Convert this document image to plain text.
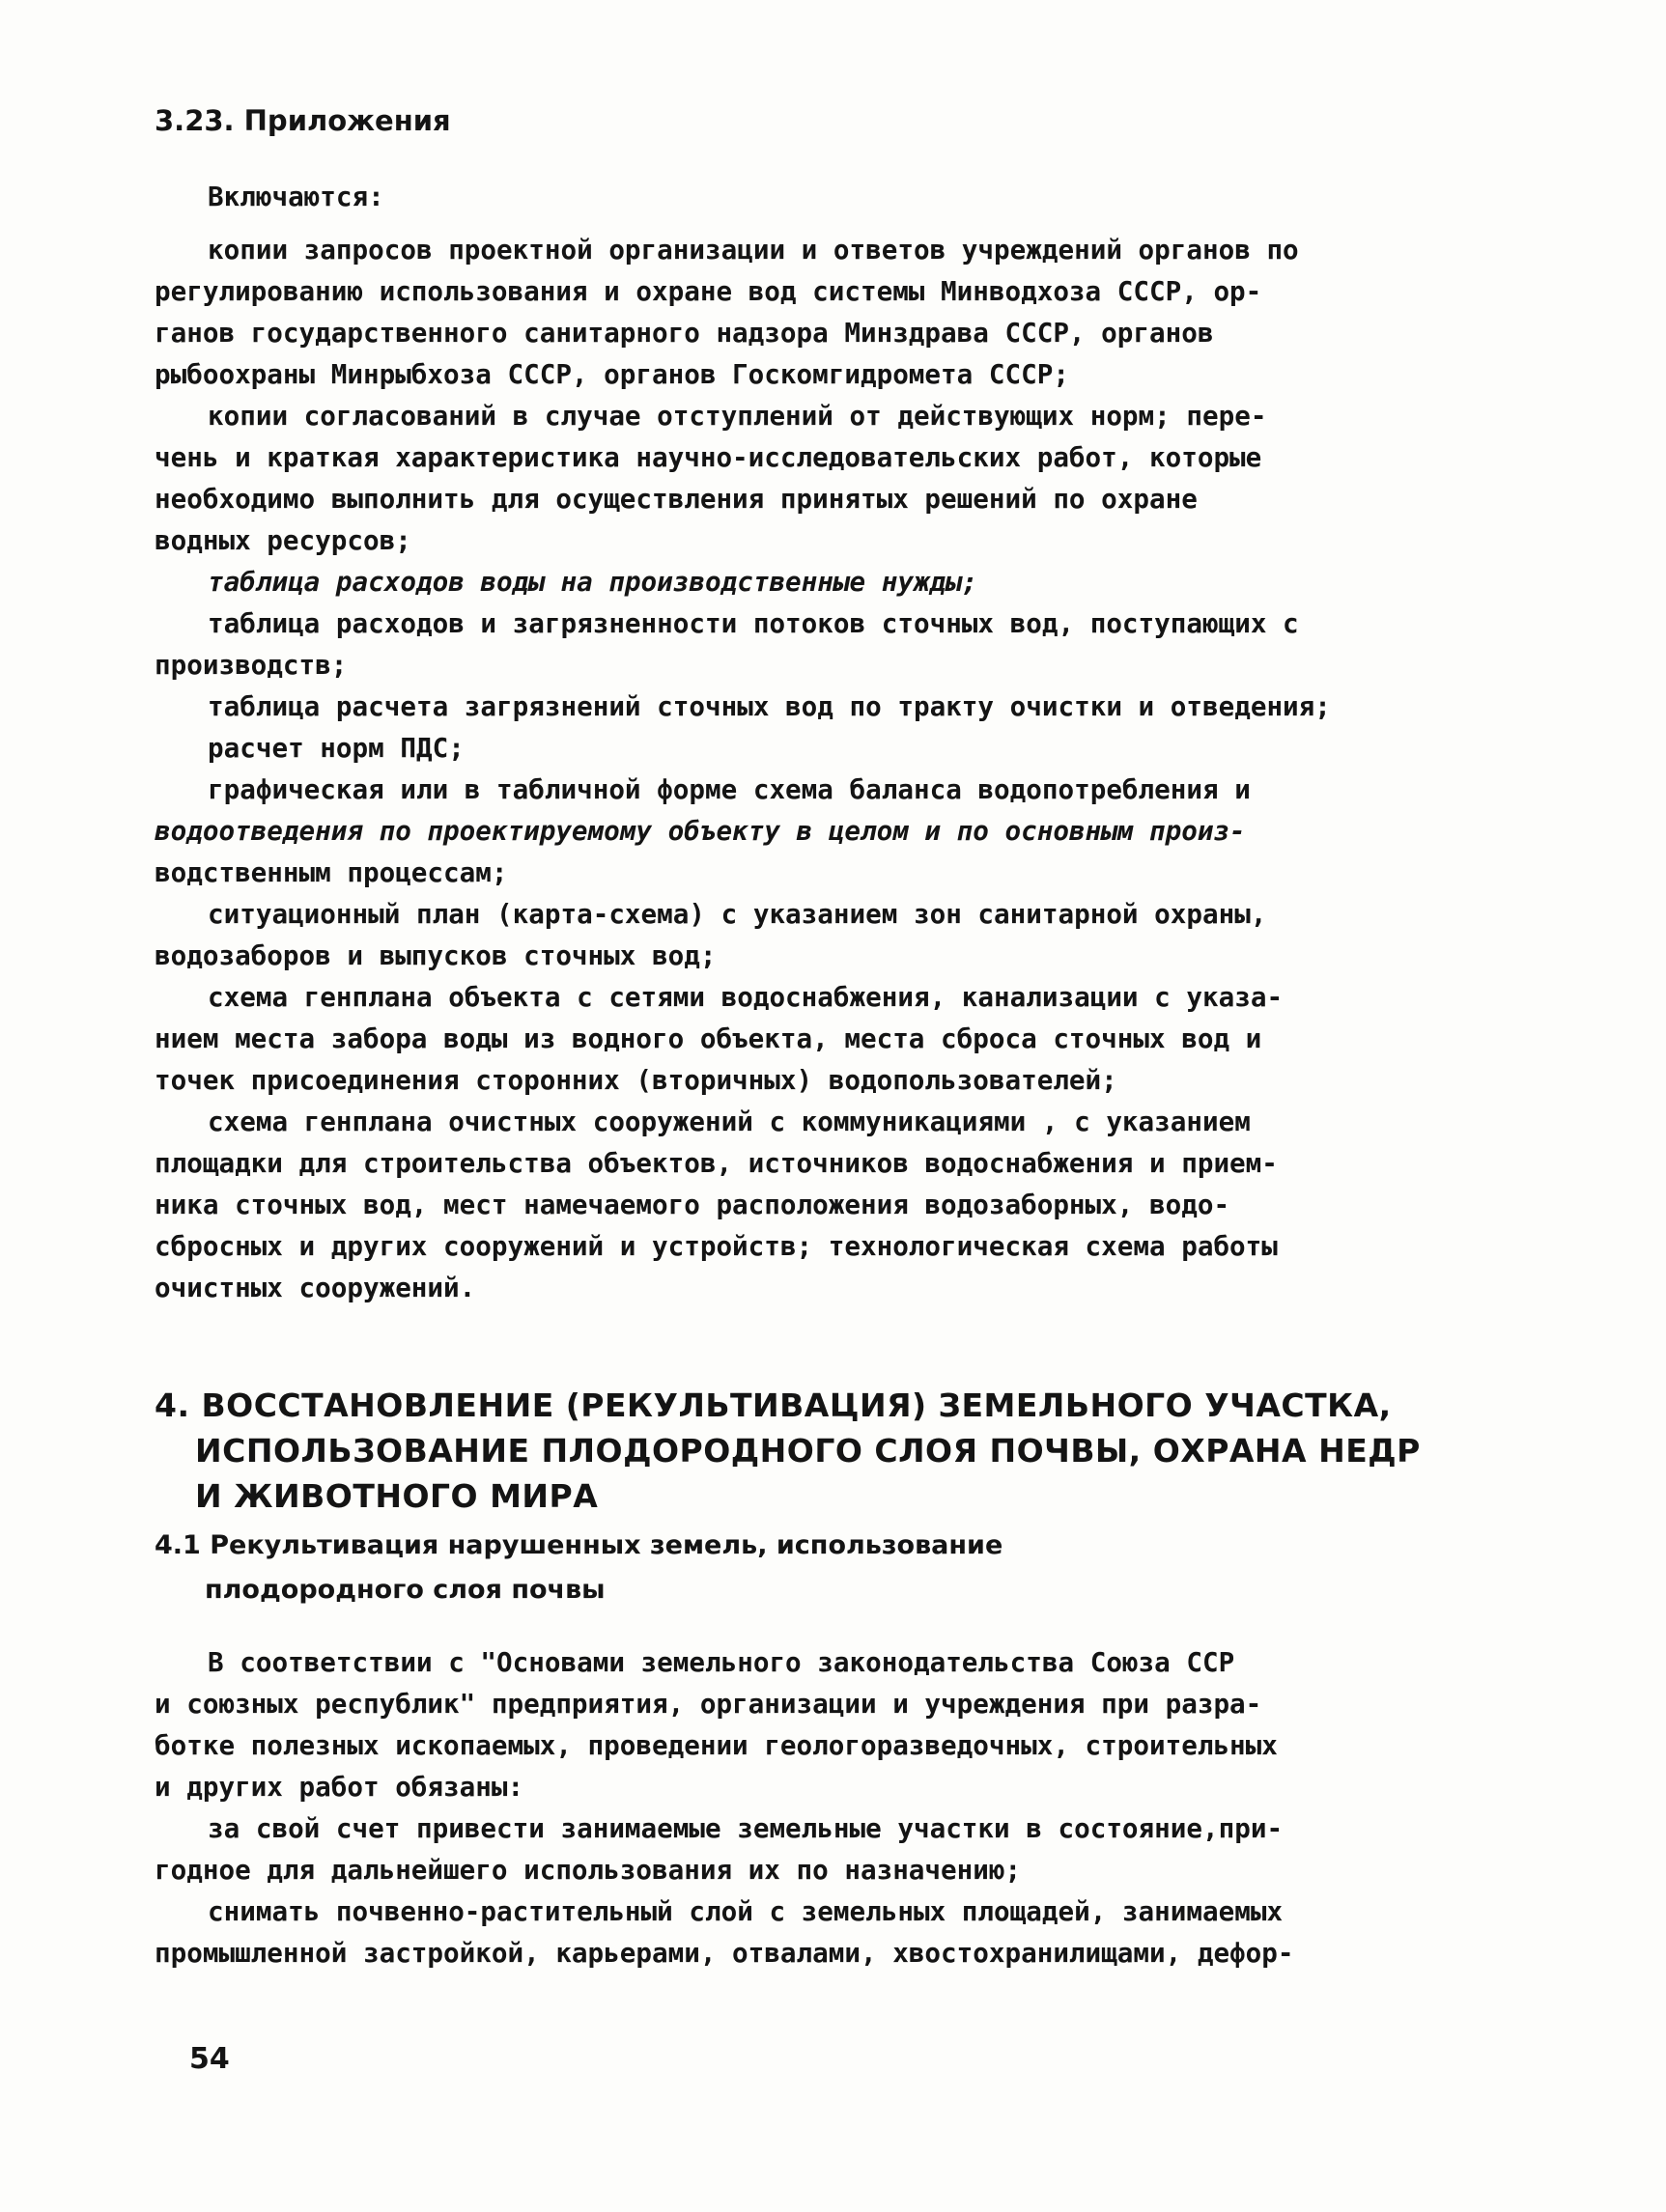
3.23. Приложения
Включаются:
копии запросов проектной организации и ответов учреждений органов по
регулированию использования и охране вод системы Минводхоза СССР, ор-
ганов государственного санитарного надзора Минздрава СССР, органов
рыбоохраны Минрыбхоза СССР, органов Госкомгидромета СССР;
копии согласований в случае отступлений от действующих норм; пере-
чень и краткая характеристика научно-исследовательских работ, которые
необходимо выполнить для осуществления принятых решений по охране
водных ресурсов;
таблица расходов воды на производственные нужды;
таблица расходов и загрязненности потоков сточных вод, поступающих с
производств;
таблица расчета загрязнений сточных вод по тракту очистки и отведения;
расчет норм ПДС;
графическая или в табличной форме схема баланса водопотребления и
водоотведения по проектируемому объекту в целом и по основным произ-
водственным процессам;
ситуационный план (карта-схема) с указанием зон санитарной охраны,
водозаборов и выпусков сточных вод;
схема генплана объекта с сетями водоснабжения, канализации с указа-
нием места забора воды из водного объекта, места сброса сточных вод и
точек присоединения сторонних (вторичных) водопользователей;
схема генплана очистных сооружений с коммуникациями , с указанием
площадки для строительства объектов, источников водоснабжения и прием-
ника сточных вод, мест намечаемого расположения водозаборных, водо-
сбросных и других сооружений и устройств; технологическая схема работы
очистных сооружений.
4. ВОССТАНОВЛЕНИЕ (РЕКУЛЬТИВАЦИЯ) ЗЕМЕЛЬНОГО УЧАСТКА,
ИСПОЛЬЗОВАНИЕ ПЛОДОРОДНОГО СЛОЯ ПОЧВЫ, ОХРАНА НЕДР
И ЖИВОТНОГО МИРА
4.1 Рекультивация нарушенных земель, использование
плодородного слоя почвы
В соответствии с "Основами земельного законодательства Союза ССР
и союзных республик" предприятия, организации и учреждения при разра-
ботке полезных ископаемых, проведении геологоразведочных, строительных
и других работ обязаны:
за свой счет привести занимаемые земельные участки в состояние,при-
годное для дальнейшего использования их по назначению;
снимать почвенно-растительный слой с земельных площадей, занимаемых
промышленной застройкой, карьерами, отвалами, хвостохранилищами, дефор-
54
